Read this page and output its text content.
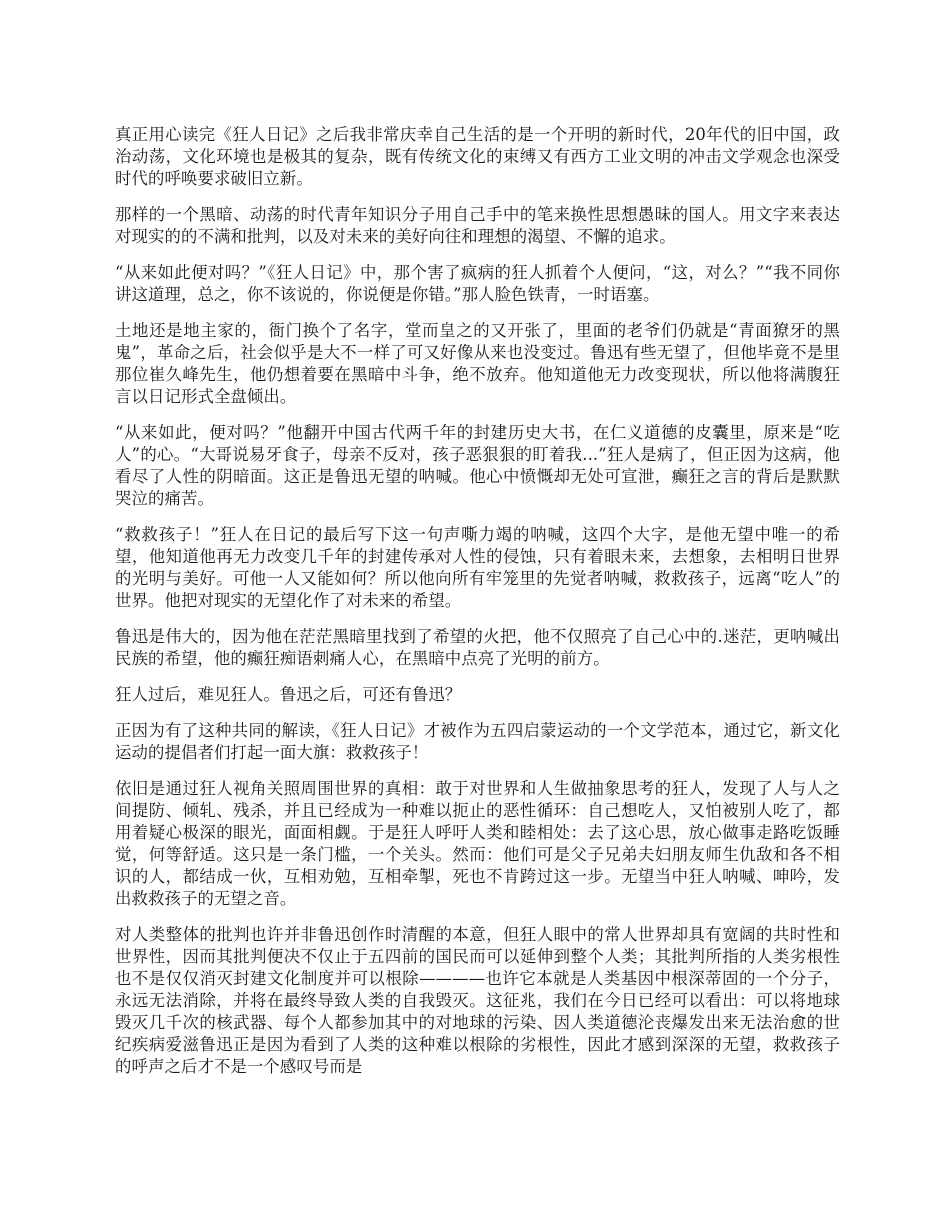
真正用心读完《狂人日记》之后我非常庆幸自己生活的是一个开明的新时代，20年代的旧中国，政治动荡，文化环境也是极其的复杂，既有传统文化的束缚又有西方工业文明的冲击文学观念也深受时代的呼唤要求破旧立新。

那样的一个黑暗、动荡的时代青年知识分子用自己手中的笔来换性思想愚昧的国人。用文字来表达对现实的的不满和批判，以及对未来的美好向往和理想的渴望、不懈的追求。

“从来如此便对吗？”《狂人日记》中，那个害了疯病的狂人抓着个人便问，“这，对么？”“我不同你讲这道理，总之，你不该说的，你说便是你错。”那人脸色铁青，一时语塞。

土地还是地主家的，衙门换个了名字，堂而皇之的又开张了，里面的老爷们仍就是“青面獠牙的黑鬼”，革命之后，社会似乎是大不一样了可又好像从来也没变过。鲁迅有些无望了，但他毕竟不是里那位崔久峰先生，他仍想着要在黑暗中斗争，绝不放弃。他知道他无力改变现状，所以他将满腹狂言以日记形式全盘倾出。

“从来如此，便对吗？”他翻开中国古代两千年的封建历史大书，在仁义道德的皮囊里，原来是“吃人”的心。“大哥说易牙食子，母亲不反对，孩子恶狠狠的盯着我...”狂人是病了，但正因为这病，他看尽了人性的阴暗面。这正是鲁迅无望的呐喊。他心中愤慨却无处可宣泄，癫狂之言的背后是默默哭泣的痛苦。

“救救孩子！”狂人在日记的最后写下这一句声嘶力竭的呐喊，这四个大字，是他无望中唯一的希望，他知道他再无力改变几千年的封建传承对人性的侵蚀，只有着眼未来，去想象，去相明日世界的光明与美好。可他一人又能如何？所以他向所有牢笼里的先觉者呐喊，救救孩子，远离“吃人”的世界。他把对现实的无望化作了对未来的希望。

鲁迅是伟大的，因为他在茫茫黑暗里找到了希望的火把，他不仅照亮了自己心中的.迷茫，更呐喊出民族的希望，他的癫狂痴语刺痛人心，在黑暗中点亮了光明的前方。

狂人过后，难见狂人。鲁迅之后，可还有鲁迅？

正因为有了这种共同的解读，《狂人日记》才被作为五四启蒙运动的一个文学范本，通过它，新文化运动的提倡者们打起一面大旗：救救孩子！

依旧是通过狂人视角关照周围世界的真相：敢于对世界和人生做抽象思考的狂人，发现了人与人之间提防、倾轧、残杀，并且已经成为一种难以扼止的恶性循环：自己想吃人，又怕被别人吃了，都用着疑心极深的眼光，面面相觑。于是狂人呼吁人类和睦相处：去了这心思，放心做事走路吃饭睡觉，何等舒适。这只是一条门槛，一个关头。然而：他们可是父子兄弟夫妇朋友师生仇敌和各不相识的人，都结成一伙，互相劝勉，互相牵掣，死也不肯跨过这一步。无望当中狂人呐喊、呻吟，发出救救孩子的无望之音。

对人类整体的批判也许并非鲁迅创作时清醒的本意，但狂人眼中的常人世界却具有宽阔的共时性和世界性，因而其批判便决不仅止于五四前的国民而可以延伸到整个人类；其批判所指的人类劣根性也不是仅仅消灭封建文化制度并可以根除————也许它本就是人类基因中根深蒂固的一个分子，永远无法消除，并将在最终导致人类的自我毁灭。这征兆，我们在今日已经可以看出：可以将地球毁灭几千次的核武器、每个人都参加其中的对地球的污染、因人类道德沦丧爆发出来无法治愈的世纪疾病爱滋鲁迅正是因为看到了人类的这种难以根除的劣根性，因此才感到深深的无望，救救孩子的呼声之后才不是一个感叹号而是
